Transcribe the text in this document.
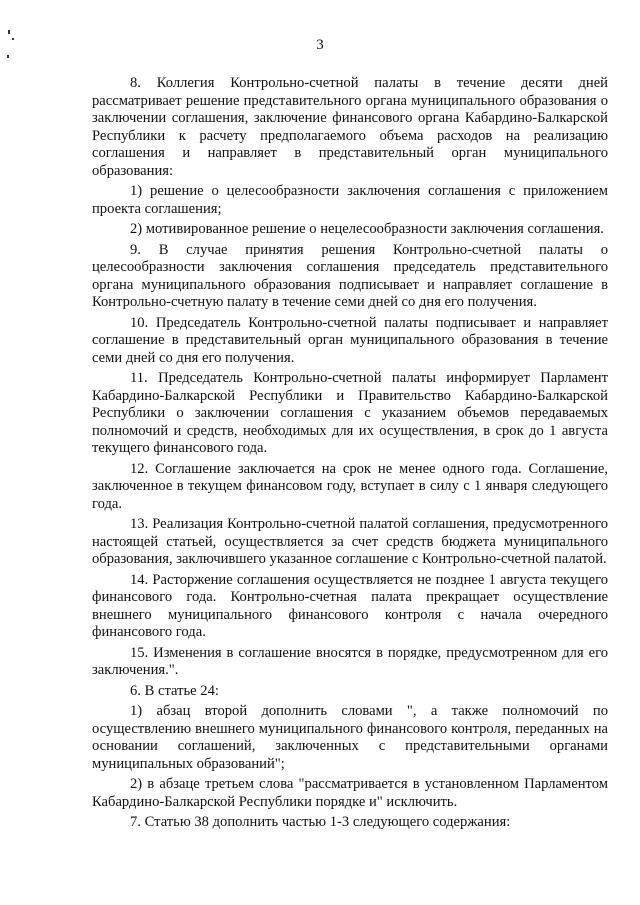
3

8. Коллегия Контрольно-счетной палаты в течение десяти дней рассматривает решение представительного органа муниципального образования о заключении соглашения, заключение финансового органа Кабардино-Балкарской Республики к расчету предполагаемого объема расходов на реализацию соглашения и направляет в представительный орган муниципального образования:

1) решение о целесообразности заключения соглашения с приложением проекта соглашения;

2) мотивированное решение о нецелесообразности заключения соглашения.

9. В случае принятия решения Контрольно-счетной палаты о целесообразности заключения соглашения председатель представительного органа муниципального образования подписывает и направляет соглашение в Контрольно-счетную палату в течение семи дней со дня его получения.

10. Председатель Контрольно-счетной палаты подписывает и направляет соглашение в представительный орган муниципального образования в течение семи дней со дня его получения.

11. Председатель Контрольно-счетной палаты информирует Парламент Кабардино-Балкарской Республики и Правительство Кабардино-Балкарской Республики о заключении соглашения с указанием объемов передаваемых полномочий и средств, необходимых для их осуществления, в срок до 1 августа текущего финансового года.

12. Соглашение заключается на срок не менее одного года. Соглашение, заключенное в текущем финансовом году, вступает в силу с 1 января следующего года.

13. Реализация Контрольно-счетной палатой соглашения, предусмотренного настоящей статьей, осуществляется за счет средств бюджета муниципального образования, заключившего указанное соглашение с Контрольно-счетной палатой.

14. Расторжение соглашения осуществляется не позднее 1 августа текущего финансового года. Контрольно-счетная палата прекращает осуществление внешнего муниципального финансового контроля с начала очередного финансового года.

15. Изменения в соглашение вносятся в порядке, предусмотренном для его заключения.".

6. В статье 24:

1) абзац второй дополнить словами ", а также полномочий по осуществлению внешнего муниципального финансового контроля, переданных на основании соглашений, заключенных с представительными органами муниципальных образований";

2) в абзаце третьем слова "рассматривается в установленном Парламентом Кабардино-Балкарской Республики порядке и" исключить.

7. Статью 38 дополнить частью 1-3 следующего содержания:
